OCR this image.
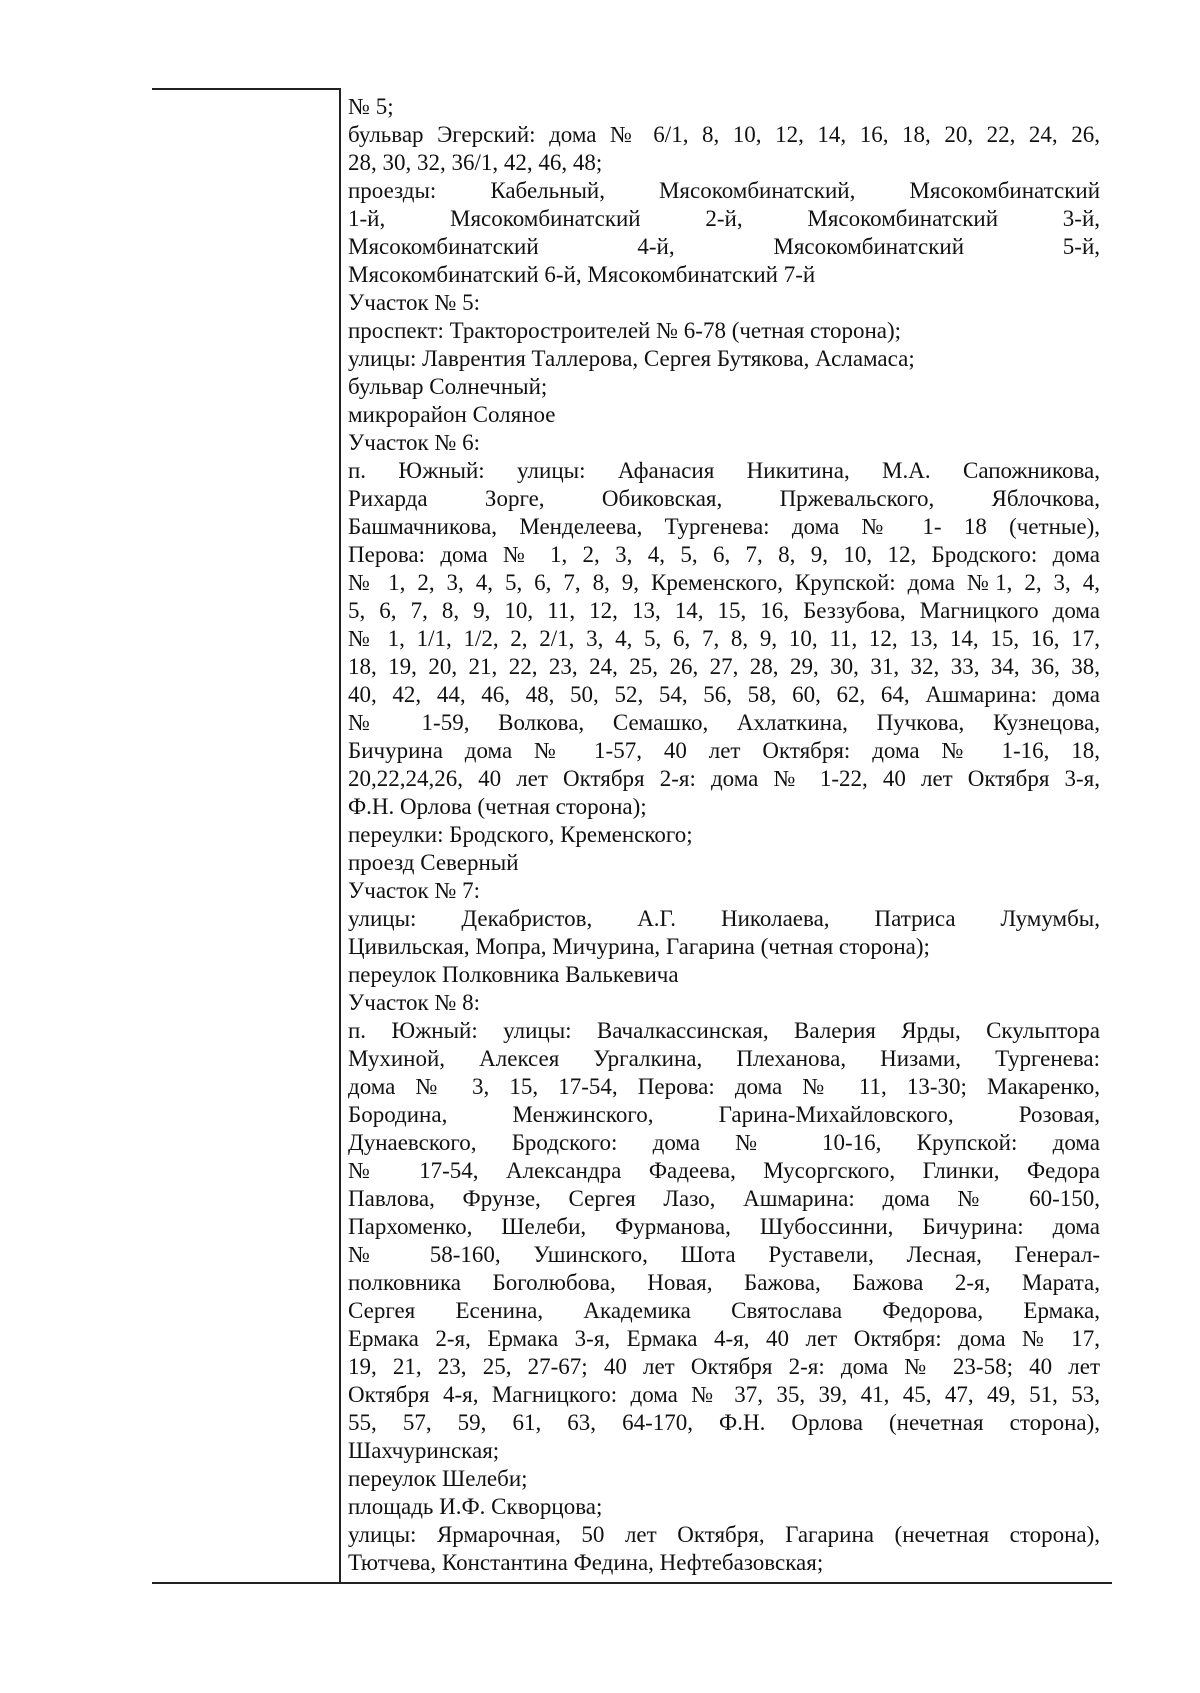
№ 5;
бульвар Эгерский: дома № 6/1, 8, 10, 12, 14, 16, 18, 20, 22, 24, 26,
28, 30, 32, 36/1, 42, 46, 48;
проезды: Кабельный, Мясокомбинатский, Мясокомбинатский
1-й, Мясокомбинатский 2-й, Мясокомбинатский 3-й,
Мясокомбинатский 4-й, Мясокомбинатский 5-й,
Мясокомбинатский 6-й, Мясокомбинатский 7-й
Участок № 5:
проспект: Тракторостроителей № 6-78 (четная сторона);
улицы: Лаврентия Таллерова, Сергея Бутякова, Асламаса;
бульвар Солнечный;
микрорайон Соляное
Участок № 6:
п. Южный: улицы: Афанасия Никитина, М.А. Сапожникова,
Рихарда Зорге, Обиковская, Пржевальского, Яблочкова,
Башмачникова, Менделеева, Тургенева: дома № 1- 18 (четные),
Перова: дома № 1, 2, 3, 4, 5, 6, 7, 8, 9, 10, 12, Бродского: дома
№ 1, 2, 3, 4, 5, 6, 7, 8, 9, Кременского, Крупской: дома №1, 2, 3, 4,
5, 6, 7, 8, 9, 10, 11, 12, 13, 14, 15, 16, Беззубова, Магницкого дома
№ 1, 1/1, 1/2, 2, 2/1, 3, 4, 5, 6, 7, 8, 9, 10, 11, 12, 13, 14, 15, 16, 17,
18, 19, 20, 21, 22, 23, 24, 25, 26, 27, 28, 29, 30, 31, 32, 33, 34, 36, 38,
40, 42, 44, 46, 48, 50, 52, 54, 56, 58, 60, 62, 64, Ашмарина: дома
№ 1-59, Волкова, Семашко, Ахлаткина, Пучкова, Кузнецова,
Бичурина дома № 1-57, 40 лет Октября: дома № 1-16, 18,
20,22,24,26, 40 лет Октября 2-я: дома № 1-22, 40 лет Октября 3-я,
Ф.Н. Орлова (четная сторона);
переулки: Бродского, Кременского;
проезд Северный
Участок № 7:
улицы: Декабристов, А.Г. Николаева, Патриса Лумумбы,
Цивильская, Мопра, Мичурина, Гагарина (четная сторона);
переулок Полковника Валькевича
Участок № 8:
п. Южный: улицы: Вачалкассинская, Валерия Ярды, Скульптора
Мухиной, Алексея Ургалкина, Плеханова, Низами, Тургенева:
дома № 3, 15, 17-54, Перова: дома № 11, 13-30; Макаренко,
Бородина, Менжинского, Гарина-Михайловского, Розовая,
Дунаевского, Бродского: дома № 10-16, Крупской: дома
№ 17-54, Александра Фадеева, Мусоргского, Глинки, Федора
Павлова, Фрунзе, Сергея Лазо, Ашмарина: дома № 60-150,
Пархоменко, Шелеби, Фурманова, Шубоссинни, Бичурина: дома
№ 58-160, Ушинского, Шота Руставели, Лесная, Генерал-
полковника Боголюбова, Новая, Бажова, Бажова 2-я, Марата,
Сергея Есенина, Академика Святослава Федорова, Ермака,
Ермака 2-я, Ермака 3-я, Ермака 4-я, 40 лет Октября: дома № 17,
19, 21, 23, 25, 27-67; 40 лет Октября 2-я: дома № 23-58; 40 лет
Октября 4-я, Магницкого: дома № 37, 35, 39, 41, 45, 47, 49, 51, 53,
55, 57, 59, 61, 63, 64-170, Ф.Н. Орлова (нечетная сторона),
Шахчуринская;
переулок Шелеби;
площадь И.Ф. Скворцова;
улицы: Ярмарочная, 50 лет Октября, Гагарина (нечетная сторона),
Тютчева, Константина Федина, Нефтебазовская;
